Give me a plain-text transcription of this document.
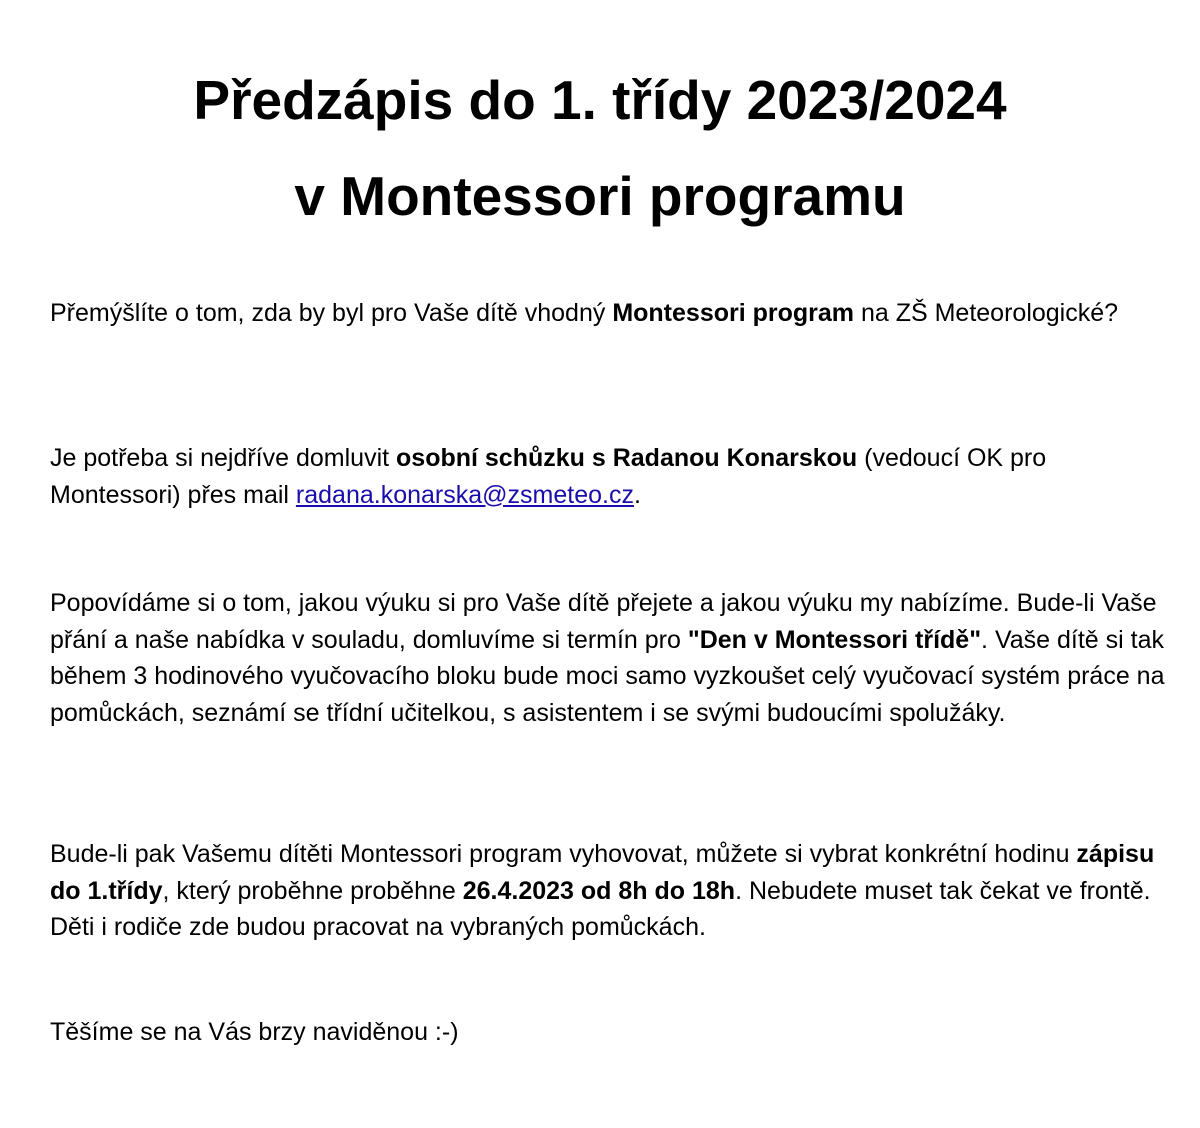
Předzápis do 1. třídy 2023/2024
v Montessori programu

Přemýšlíte o tom, zda by byl pro Vaše dítě vhodný Montessori program na ZŠ Meteorologické?

Je potřeba si nejdříve domluvit osobní schůzku s Radanou Konarskou (vedoucí OK pro Montessori) přes mail radana.konarska@zsmeteo.cz.

Popovídáme si o tom, jakou výuku si pro Vaše dítě přejete a jakou výuku my nabízíme. Bude-li Vaše přání a naše nabídka v souladu, domluvíme si termín pro "Den v Montessori třídě". Vaše dítě si tak během 3 hodinového vyučovacího bloku bude moci samo vyzkoušet celý vyučovací systém práce na pomůckách, seznámí se třídní učitelkou, s asistentem i se svými budoucími spolužáky.

Bude-li pak Vašemu dítěti Montessori program vyhovovat, můžete si vybrat konkrétní hodinu zápisu do 1.třídy, který proběhne proběhne 26.4.2023 od 8h do 18h. Nebudete muset tak čekat ve frontě. Děti i rodiče zde budou pracovat na vybraných pomůckách.

Těšíme se na Vás brzy naviděnou :-)
